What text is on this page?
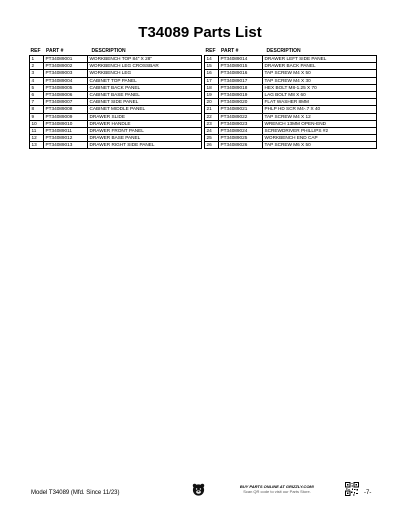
T34089 Parts List
REF	PART #	DESCRIPTION
1	PT34089001	WORKBENCH TOP 84" X 28"
2	PT34089002	WORKBENCH LEG CROSSBAR
3	PT34089003	WORKBENCH LEG
4	PT34089004	CABINET TOP PANEL
5	PT34089005	CABINET BACK PANEL
6	PT34089006	CABINET BASE PANEL
7	PT34089007	CABINET SIDE PANEL
8	PT34089008	CABINET MIDDLE PANEL
9	PT34089009	DRAWER SLIDE
10	PT34089010	DRAWER HANDLE
11	PT34089011	DRAWER FRONT PANEL
12	PT34089012	DRAWER BASE PANEL
13	PT34089013	DRAWER RIGHT SIDE PANEL
REF	PART #	DESCRIPTION
14	PT34089014	DRAWER LEFT SIDE PANEL
15	PT34089015	DRAWER BACK PANEL
16	PT34089016	TAP SCREW M4 X 50
17	PT34089017	TAP SCREW M4 X 30
18	PT34089018	HEX BOLT M8-1.25 X 70
19	PT34089019	LAG BOLT M8 X 60
20	PT34089020	FLAT WASHER 8MM
21	PT34089021	PHLP HD SCR M4-.7 X 40
22	PT34089022	TAP SCREW M4 X 12
23	PT34089023	WRENCH 13MM OPEN-END
24	PT34089024	SCREWDRIVER PHILLIPS #2
25	PT34089025	WORKBENCH END CAP
26	PT34089026	TAP SCREW M6 X 50
Model T34089 (Mfd. Since 11/23)
BUY PARTS ONLINE AT GRIZZLY.COM!
Scan QR code to visit our Parts Store.	-7-
